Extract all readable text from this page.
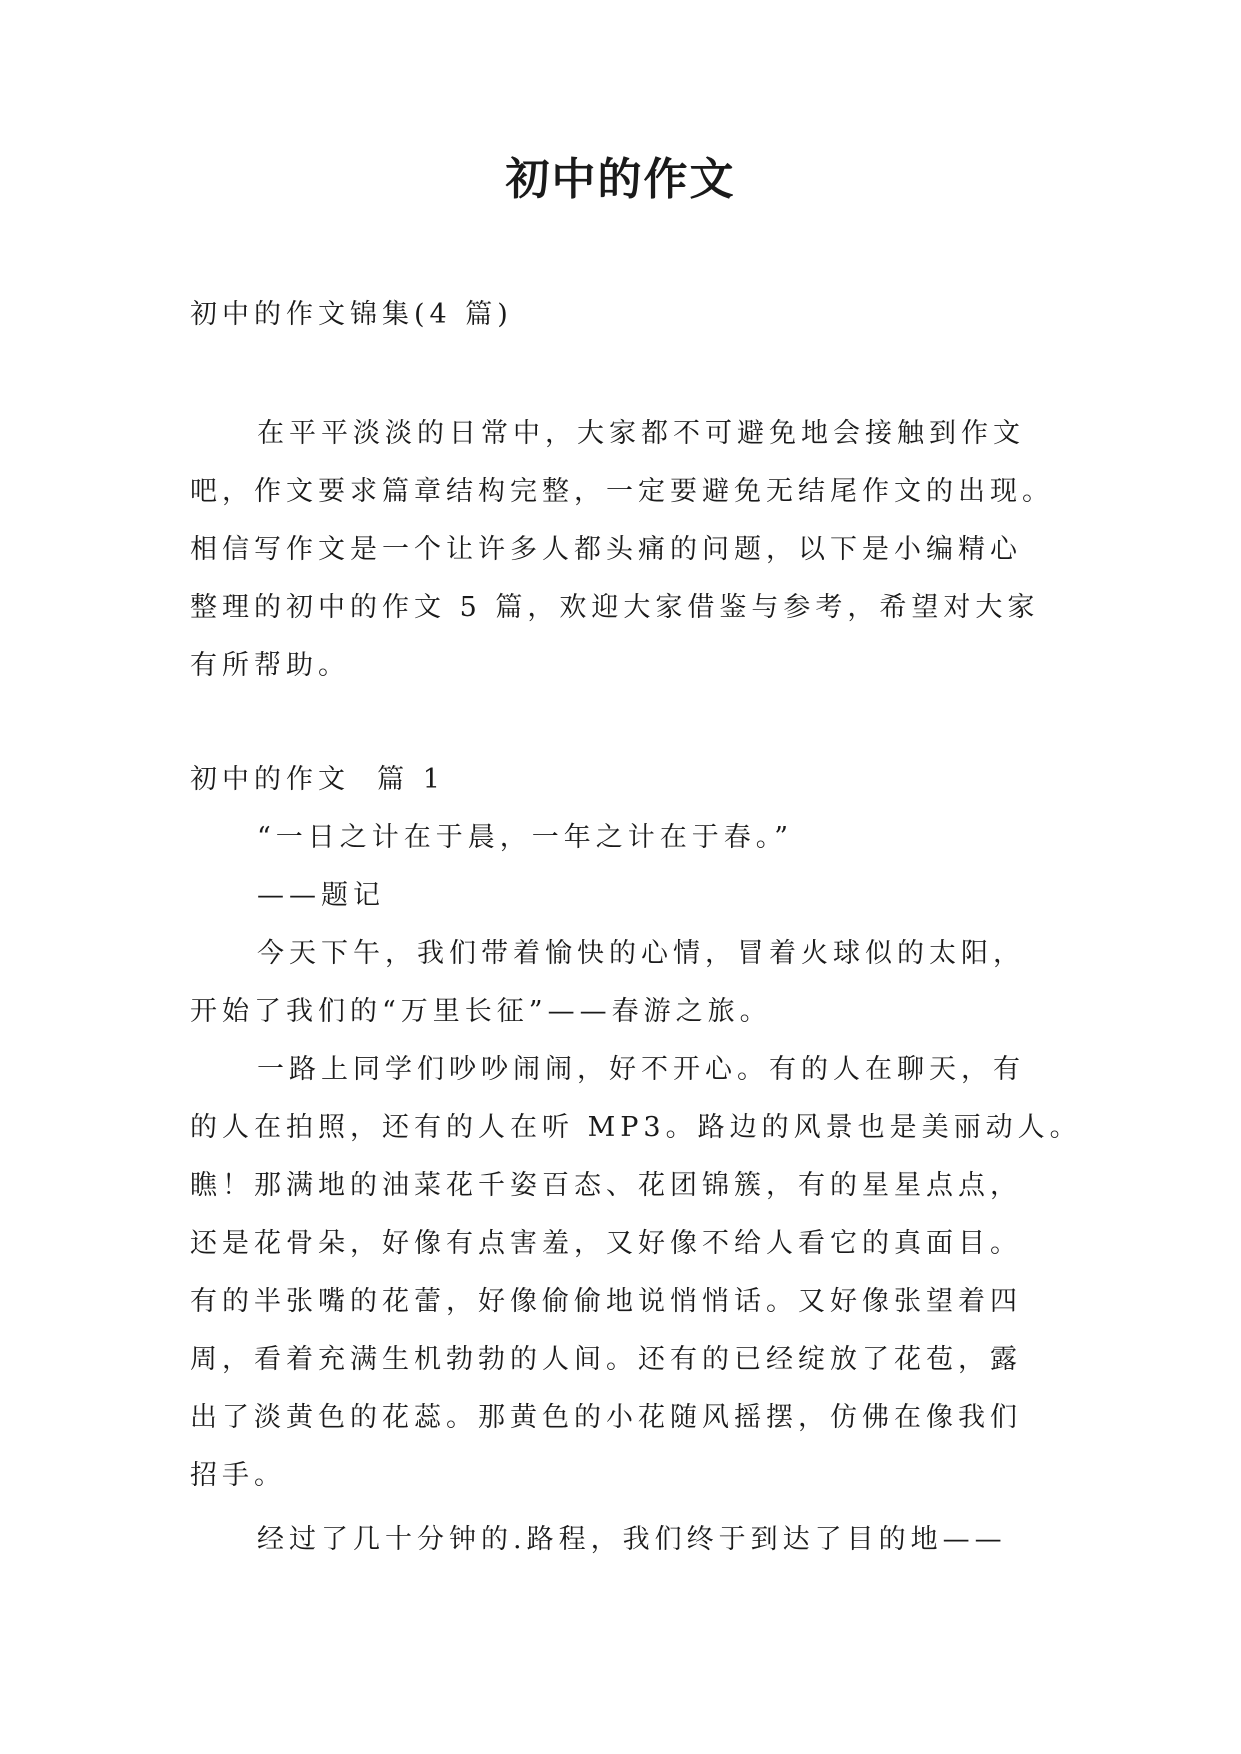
初中的作文

初中的作文锦集(4 篇)

在平平淡淡的日常中，大家都不可避免地会接触到作文

吧，作文要求篇章结构完整，一定要避免无结尾作文的出现。

相信写作文是一个让许多人都头痛的问题，以下是小编精心

整理的初中的作文 5 篇，欢迎大家借鉴与参考，希望对大家

有所帮助。

初中的作文  篇 1

“一日之计在于晨，一年之计在于春。”

——题记

今天下午，我们带着愉快的心情，冒着火球似的太阳，

开始了我们的“万里长征”——春游之旅。

一路上同学们吵吵闹闹，好不开心。有的人在聊天，有

的人在拍照，还有的人在听 MP3。路边的风景也是美丽动人。

瞧！那满地的油菜花千姿百态、花团锦簇，有的星星点点，

还是花骨朵，好像有点害羞，又好像不给人看它的真面目。

有的半张嘴的花蕾，好像偷偷地说悄悄话。又好像张望着四

周，看着充满生机勃勃的人间。还有的已经绽放了花苞，露

出了淡黄色的花蕊。那黄色的小花随风摇摆，仿佛在像我们

招手。

经过了几十分钟的.路程，我们终于到达了目的地——
